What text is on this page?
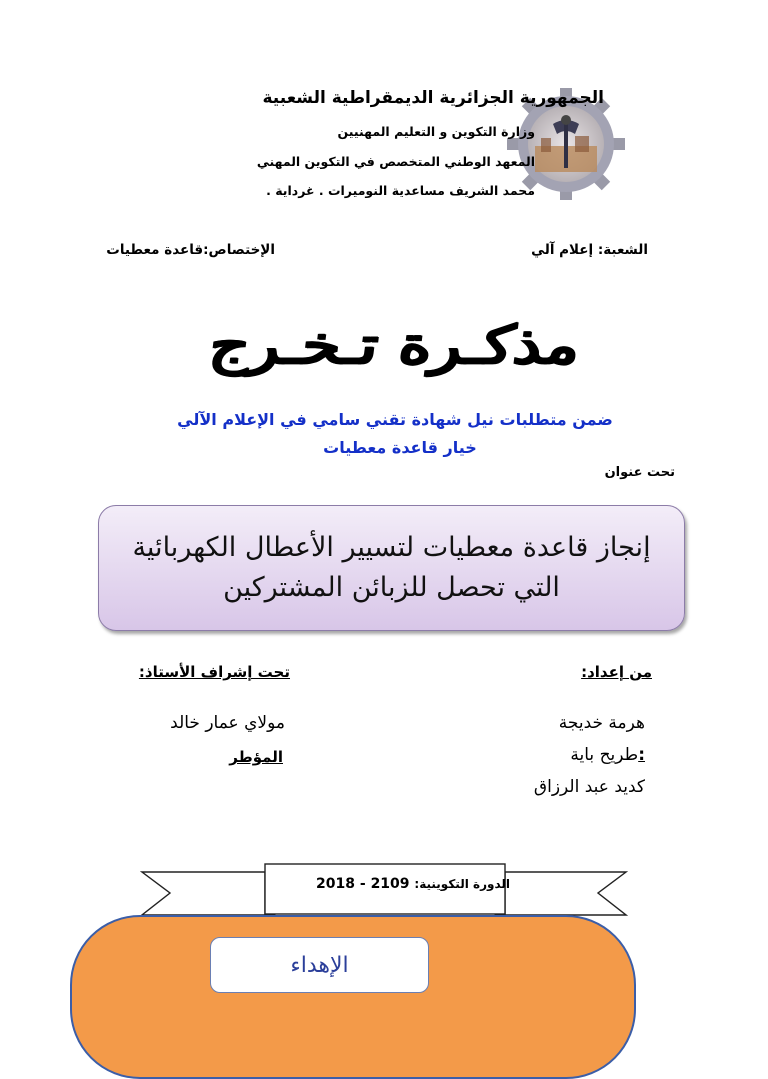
الجمهورية الجزائرية الديمقراطية الشعبية
وزارة التكوين و التعليم المهنيين
المعهد الوطني المتخصص في التكوين المهني
محمد الشريف مساعدية النوميرات . غرداية .
الشعبة: إعلام آلي
الإختصاص:قاعدة معطيات
مذكـرة تـخـرج
ضمن متطلبات نيل شهادة تقني سامي في الإعلام الآلي
خيار قاعدة معطيات
تحت عنوان
إنجاز قاعدة معطيات لتسيير الأعطال الكهربائية
التي تحصل للزبائن المشتركين
من إعداد:
هرمة خديجة
:طريح باية
كديد عبد الرزاق
تحت إشراف الأستاذ:
مولاي عمار خالد
المؤطر
الدورة التكوينية: 2018 - 2109
الإهداء
